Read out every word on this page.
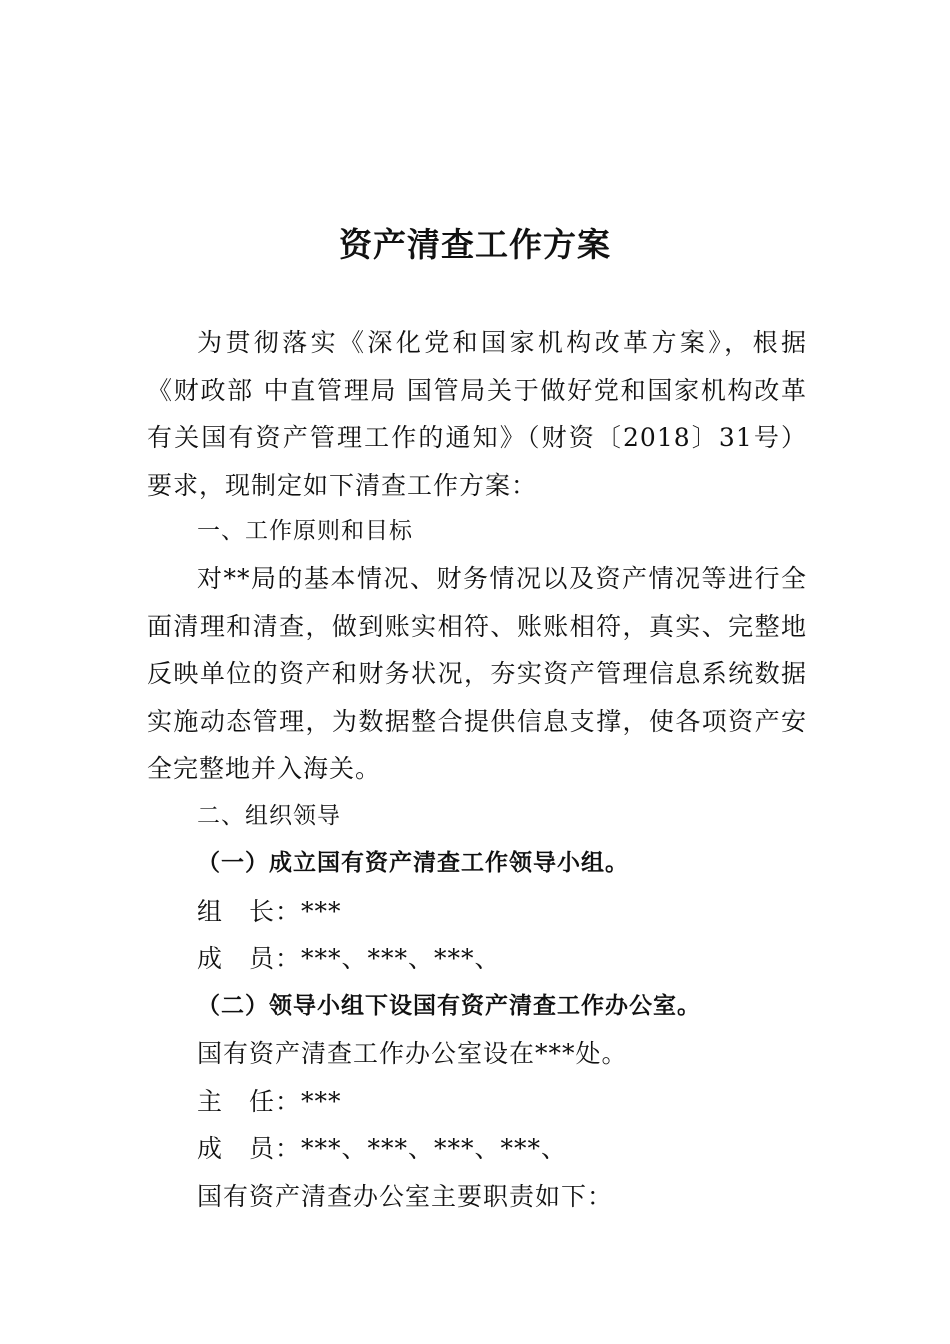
资产清查工作方案
为贯彻落实《深化党和国家机构改革方案》，根据《财政部 中直管理局 国管局关于做好党和国家机构改革有关国有资产管理工作的通知》（财资〔2018〕31号）要求，现制定如下清查工作方案：
一、工作原则和目标
对**局的基本情况、财务情况以及资产情况等进行全面清理和清查，做到账实相符、账账相符，真实、完整地反映单位的资产和财务状况，夯实资产管理信息系统数据实施动态管理，为数据整合提供信息支撑，使各项资产安全完整地并入海关。
二、组织领导
（一）成立国有资产清查工作领导小组。
组　长：***
成　员：***、***、***、
（二）领导小组下设国有资产清查工作办公室。
国有资产清查工作办公室设在***处。
主　任：***
成　员：***、***、***、***、
国有资产清查办公室主要职责如下：
